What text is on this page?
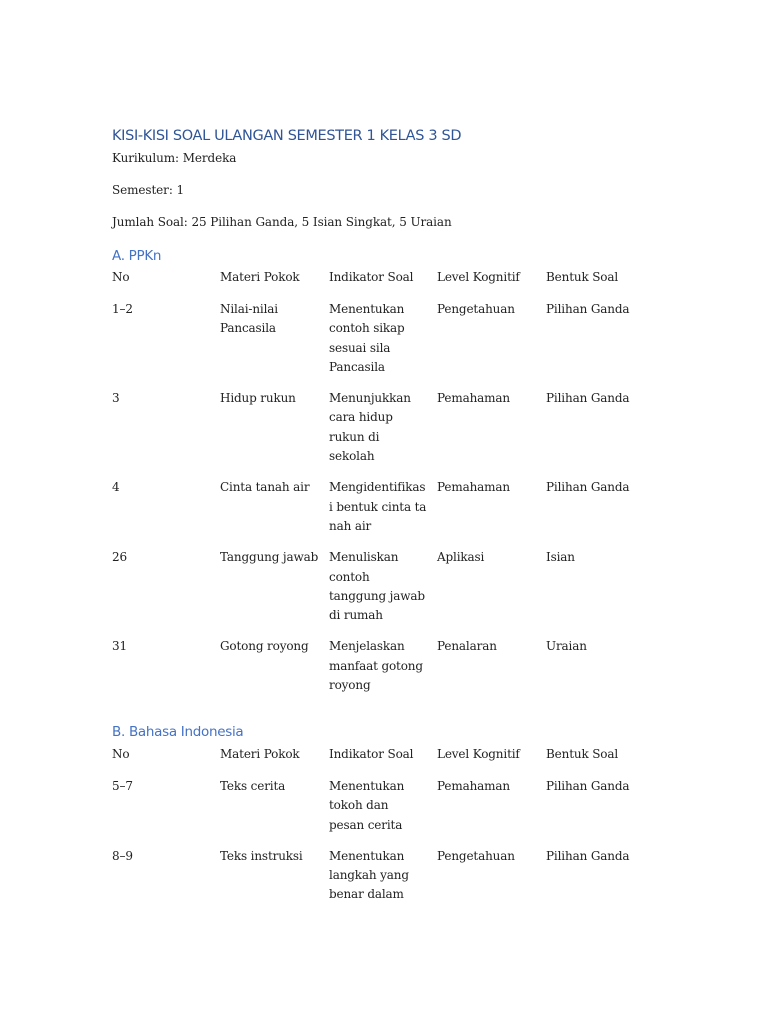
KISI-KISI SOAL ULANGAN SEMESTER 1 KELAS 3 SD

Kurikulum: Merdeka

Semester: 1

Jumlah Soal: 25 Pilihan Ganda, 5 Isian Singkat, 5 Uraian

A. PPKn
No	Materi Pokok	Indikator Soal	Level Kognitif	Bentuk Soal
1–2	Nilai-nilai Pancasila	Menentukan contoh sikap sesuai sila Pancasila	Pengetahuan	Pilihan Ganda
3	Hidup rukun	Menunjukkan cara hidup rukun di sekolah	Pemahaman	Pilihan Ganda
4	Cinta tanah air	Mengidentifikasi bentuk cinta tanah air	Pemahaman	Pilihan Ganda
26	Tanggung jawab	Menuliskan contoh tanggung jawab di rumah	Aplikasi	Isian
31	Gotong royong	Menjelaskan manfaat gotong royong	Penalaran	Uraian
B. Bahasa Indonesia
No	Materi Pokok	Indikator Soal	Level Kognitif	Bentuk Soal
5–7	Teks cerita	Menentukan tokoh dan pesan cerita	Pemahaman	Pilihan Ganda
8–9	Teks instruksi	Menentukan langkah yang benar dalam	Pengetahuan	Pilihan Ganda
